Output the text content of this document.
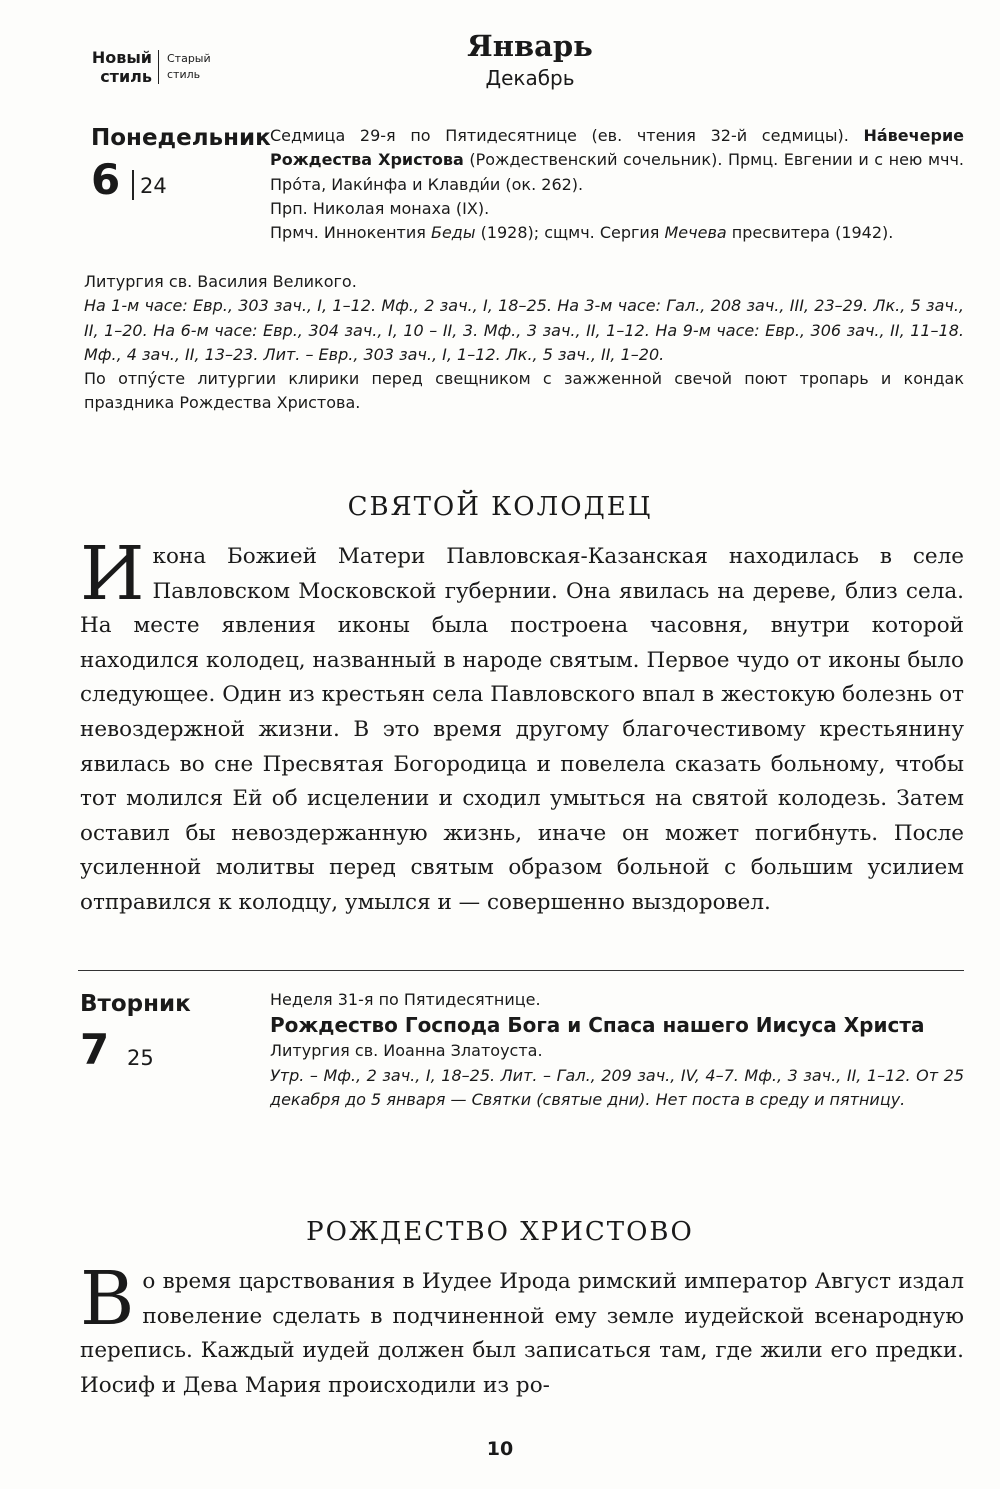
Новый стиль
Старый стиль
Январь
Декабрь
Понедельник
6 24

Седмица 29-я по Пятидесятнице (ев. чтения 32-й седмицы). На́вечерие Рождества Христова (Рождественский сочельник). Прмц. Евгении и с нею мчч. Про́та, Иаки́нфа и Клавди́и (ок. 262).

Прп. Николая монаха (IX).

Прмч. Иннокентия Беды (1928); сщмч. Сергия Мечева пресвитера (1942).

Литургия св. Василия Великого.

На 1-м часе: Евр., 303 зач., I, 1–12. Мф., 2 зач., I, 18–25. На 3-м часе: Гал., 208 зач., III, 23–29. Лк., 5 зач., II, 1–20. На 6-м часе: Евр., 304 зач., I, 10 – II, 3. Мф., 3 зач., II, 1–12. На 9-м часе: Евр., 306 зач., II, 11–18. Мф., 4 зач., II, 13–23. Лит. – Евр., 303 зач., I, 1–12. Лк., 5 зач., II, 1–20.

По отпу́сте литургии клирики перед свещником с зажженной свечой поют тропарь и кондак праздника Рождества Христова.

СВЯТОЙ КОЛОДЕЦ

Икона Божией Матери Павловская-Казанская находилась в селе Павловском Московской губернии. Она явилась на дереве, близ села. На месте явления иконы была построена часовня, внутри которой находился колодец, названный в народе святым. Первое чудо от иконы было следующее. Один из крестьян села Павловского впал в жестокую болезнь от невоздержной жизни. В это время другому благочестивому крестьянину явилась во сне Пресвятая Богородица и повелела сказать больному, чтобы тот молился Ей об исцелении и сходил умыться на святой колодезь. Затем оставил бы невоздержанную жизнь, иначе он может погибнуть. После усиленной молитвы перед святым образом больной с большим усилием отправился к колодцу, умылся и — совершенно выздоровел.

Вторник
7 25

Неделя 31-я по Пятидесятнице.

Рождество Господа Бога и Спаса нашего Иисуса Христа

Литургия св. Иоанна Златоуста.

Утр. – Мф., 2 зач., I, 18–25. Лит. – Гал., 209 зач., IV, 4–7. Мф., 3 зач., II, 1–12. От 25 декабря до 5 января — Святки (святые дни). Нет поста в среду и пятницу.

РОЖДЕСТВО ХРИСТОВО

Во время царствования в Иудее Ирода римский император Август издал повеление сделать в подчиненной ему земле иудейской всенародную перепись. Каждый иудей должен был записаться там, где жили его предки. Иосиф и Дева Мария происходили из ро-

10
